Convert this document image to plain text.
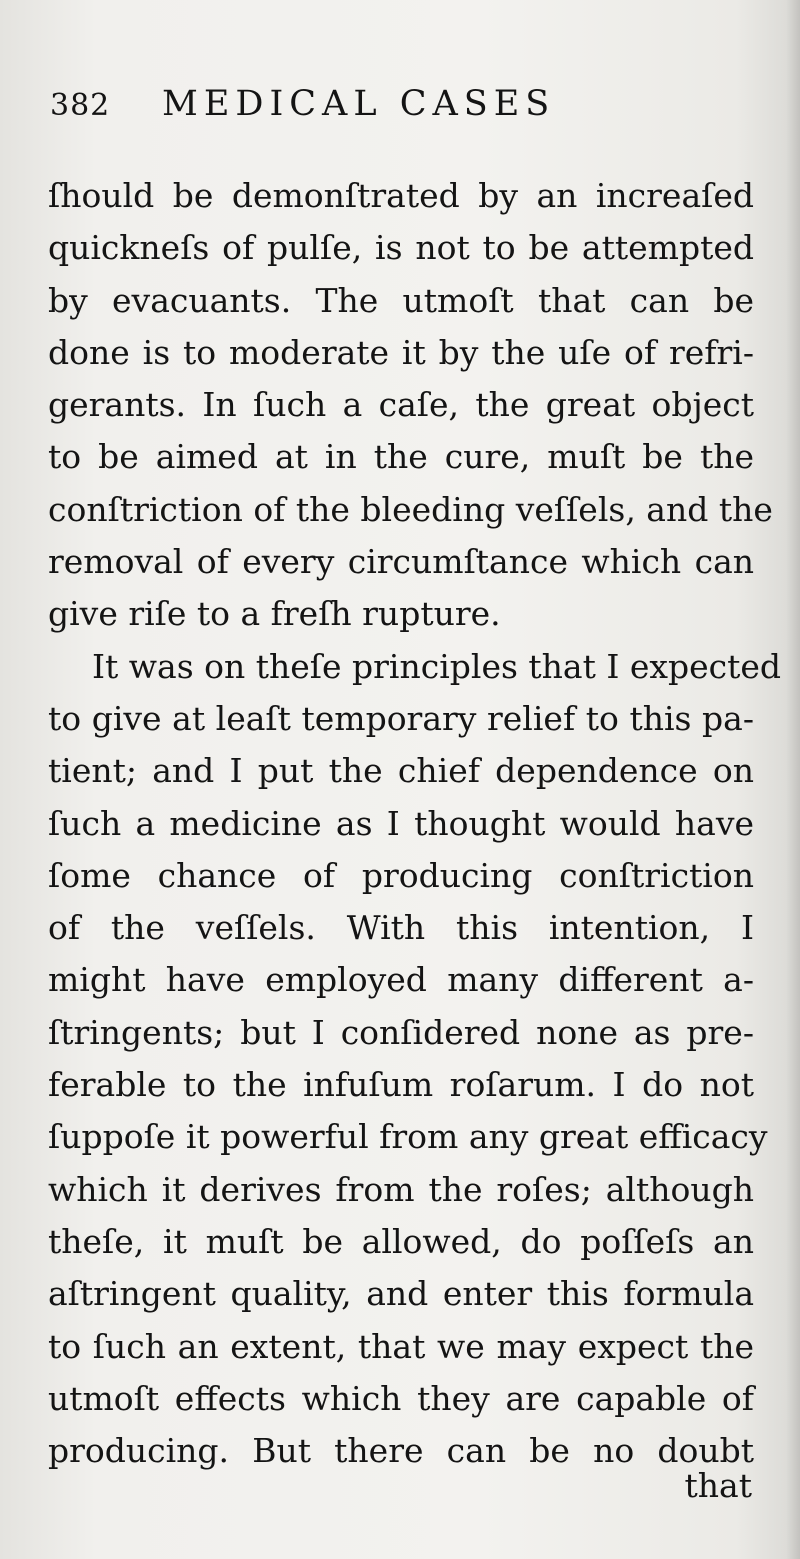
382 MEDICAL CASES
ſhould be demonſtrated by an increaſed
quickneſs of pulſe, is not to be attempted
by evacuants. The utmoſt that can be
done is to moderate it by the uſe of refri-
gerants. In ſuch a caſe, the great object
to be aimed at in the cure, muſt be the
conſtriction of the bleeding veſſels, and the
removal of every circumſtance which can
give riſe to a freſh rupture.
It was on theſe principles that I expected
to give at leaſt temporary relief to this pa-
tient; and I put the chief dependence on
ſuch a medicine as I thought would have
ſome chance of producing conſtriction
of the veſſels. With this intention, I
might have employed many different a-
ſtringents; but I conſidered none as pre-
ferable to the infuſum roſarum. I do not
ſuppoſe it powerful from any great efficacy
which it derives from the roſes; although
theſe, it muſt be allowed, do poſſeſs an
aſtringent quality, and enter this formula
to ſuch an extent, that we may expect the
utmoſt effects which they are capable of
producing. But there can be no doubt
that
